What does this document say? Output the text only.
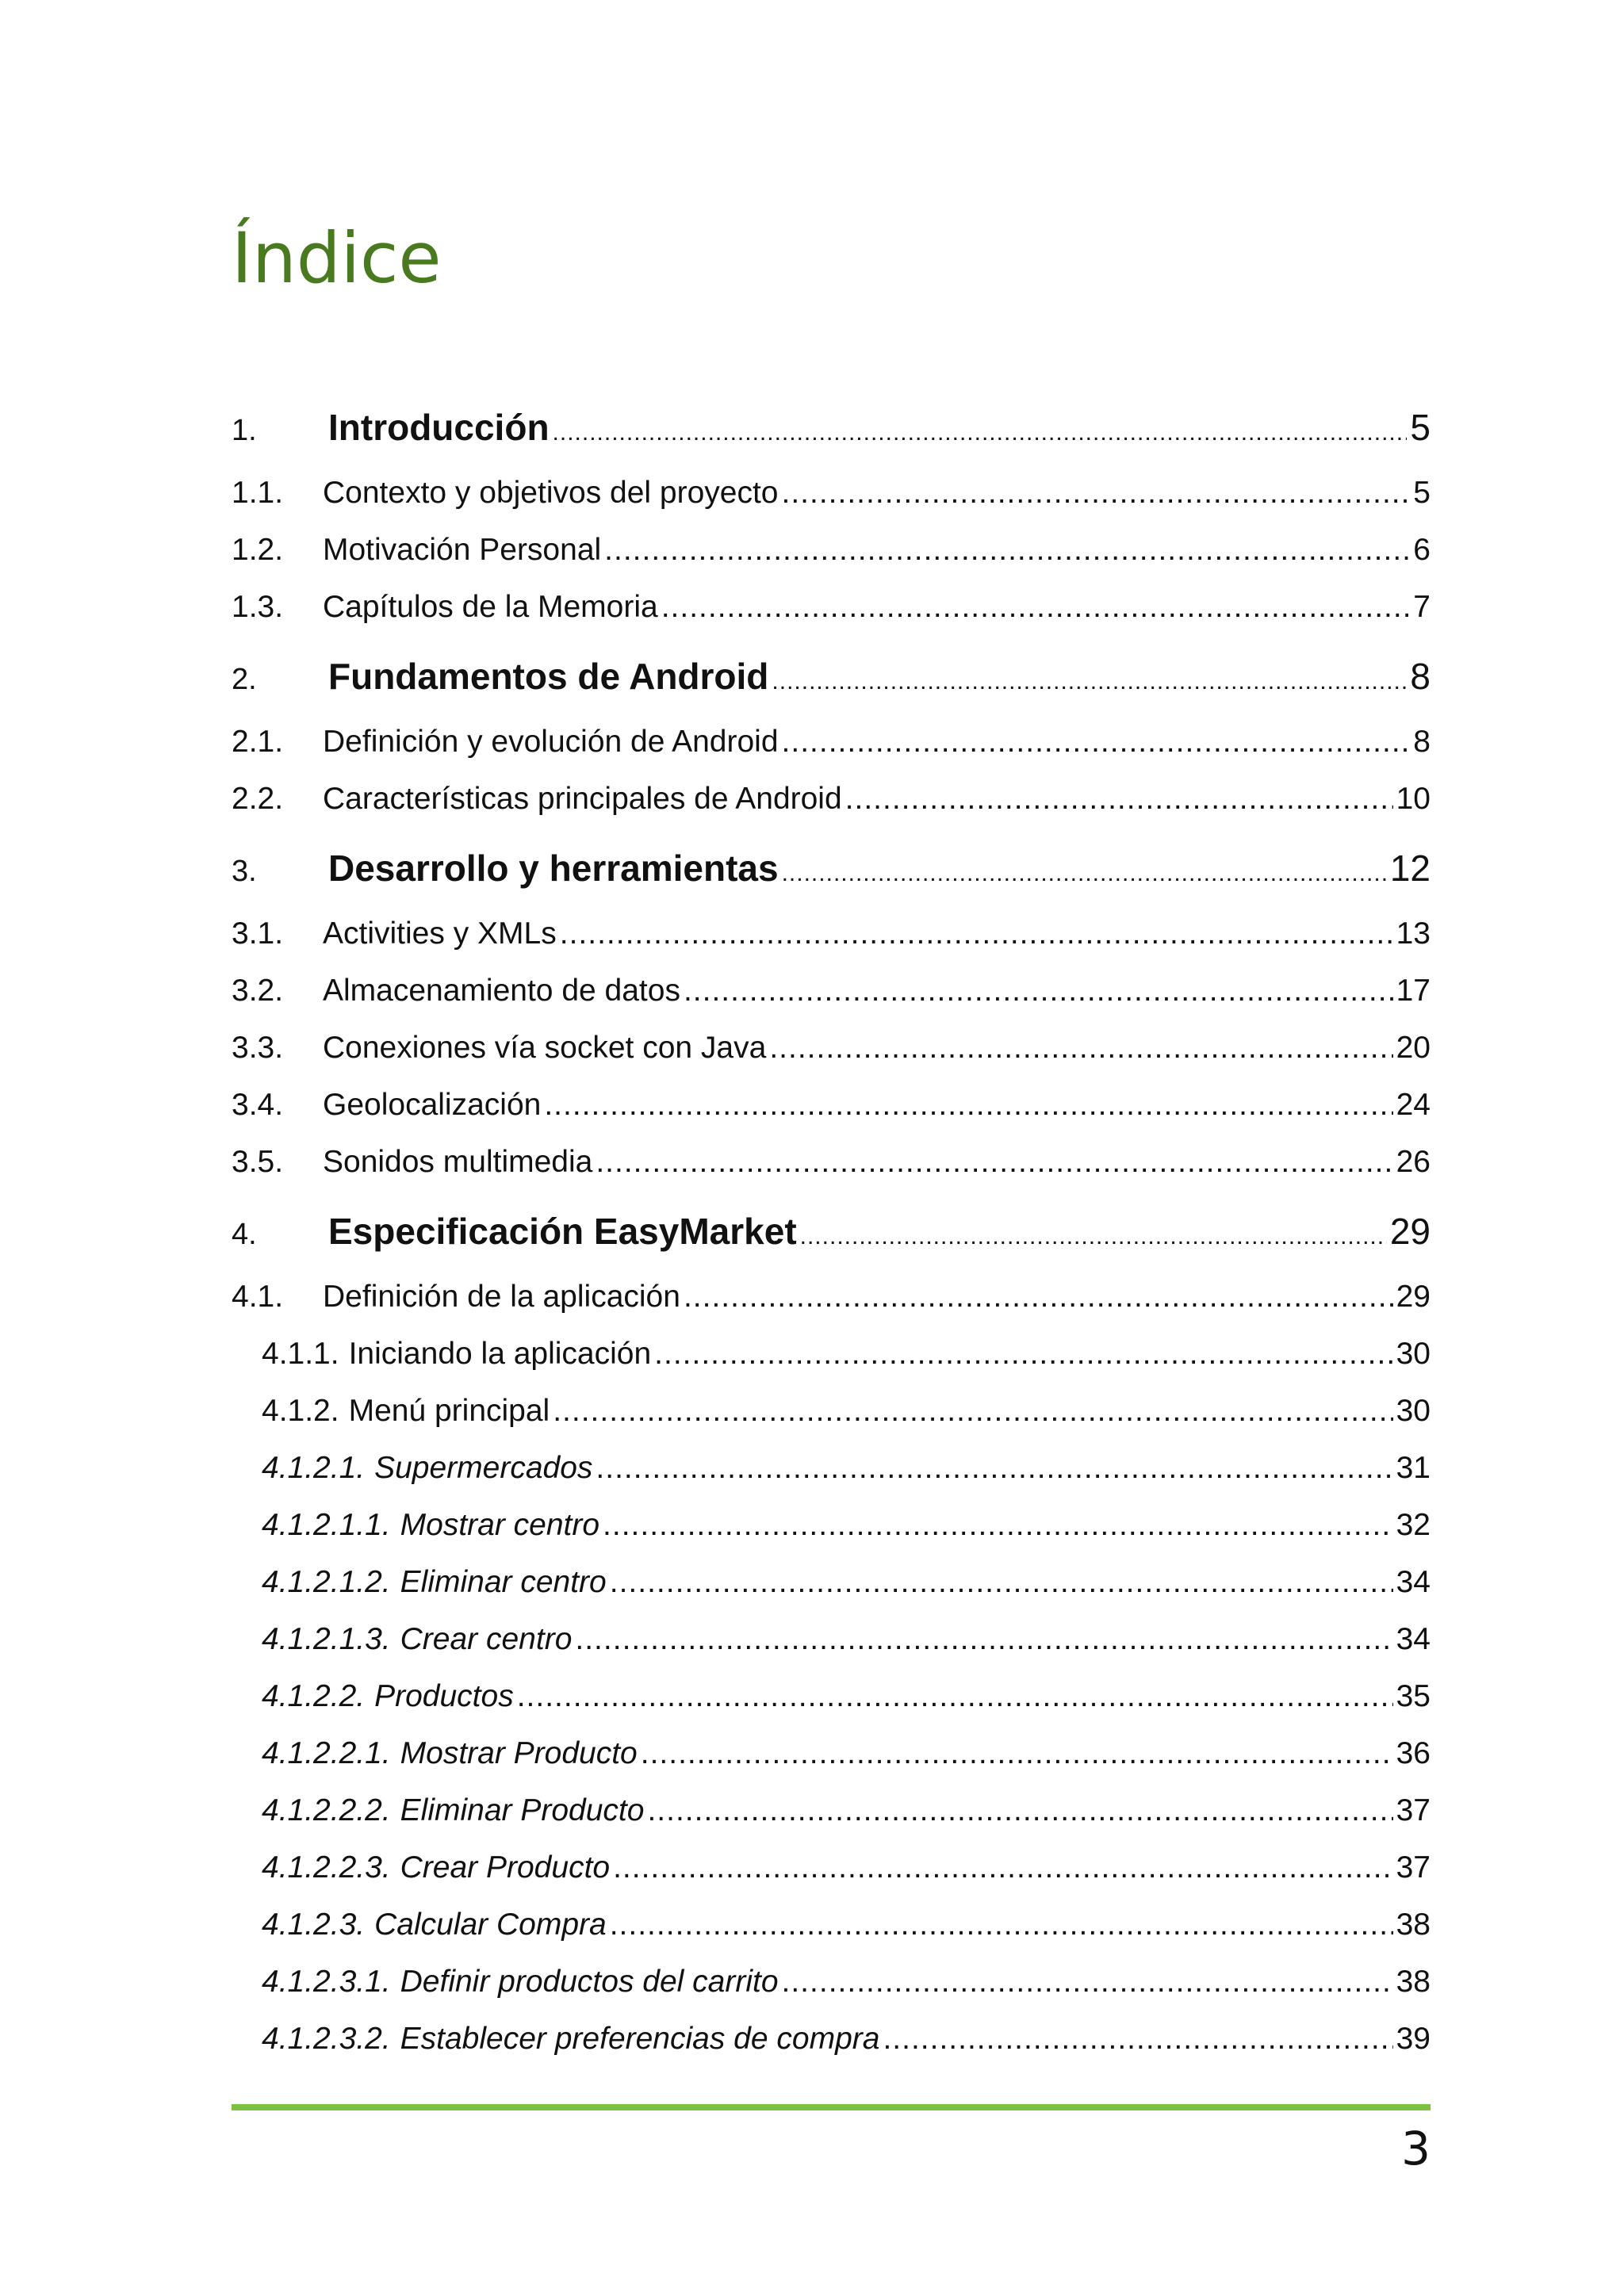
Índice
1.	Introducción .....	5
1.1.	Contexto y objetivos del proyecto .....	5
1.2.	Motivación Personal .....	6
1.3.	Capítulos de la Memoria .....	7
2.	Fundamentos de Android .....	8
2.1.	Definición y evolución de Android .....	8
2.2.	Características principales de Android .....	10
3.	Desarrollo y herramientas .....	12
3.1.	Activities y XMLs .....	13
3.2.	Almacenamiento de datos .....	17
3.3.	Conexiones vía socket con Java .....	20
3.4.	Geolocalización .....	24
3.5.	Sonidos multimedia .....	26
4.	Especificación EasyMarket .....	29
4.1.	Definición de la aplicación .....	29
4.1.1. Iniciando la aplicación .....	30
4.1.2. Menú principal .....	30
4.1.2.1. Supermercados .....	31
4.1.2.1.1. Mostrar centro .....	32
4.1.2.1.2. Eliminar centro .....	34
4.1.2.1.3. Crear centro .....	34
4.1.2.2. Productos .....	35
4.1.2.2.1. Mostrar Producto .....	36
4.1.2.2.2. Eliminar Producto .....	37
4.1.2.2.3. Crear Producto .....	37
4.1.2.3. Calcular Compra .....	38
4.1.2.3.1. Definir productos del carrito .....	38
4.1.2.3.2. Establecer preferencias de compra .....	39
3
